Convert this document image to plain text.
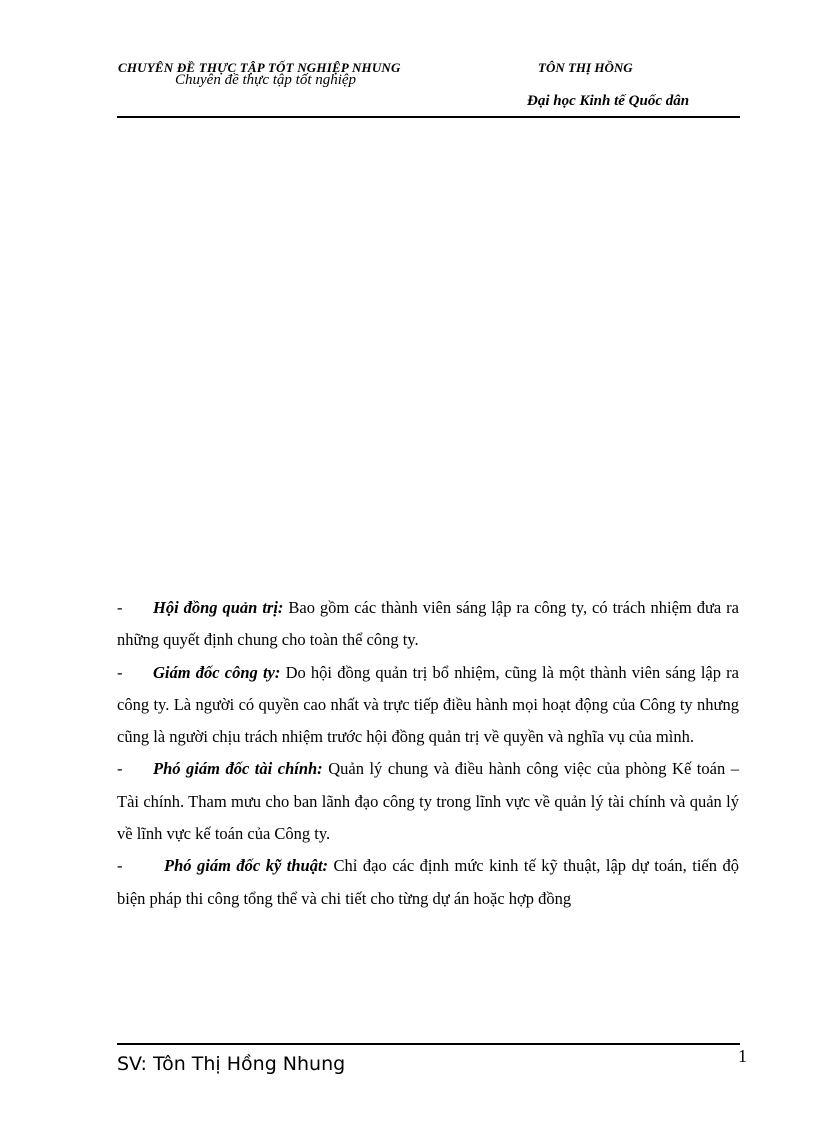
CHUYÊN ĐỀ THỰC TẬP TỐT NGHIỆP NHUNG
Chuyên đề thực tập tốt nghiệp
TÔN THỊ HỒNG
Đại học Kinh tế Quốc dân

- Hội đồng quản trị: Bao gồm các thành viên sáng lập ra công ty, có trách nhiệm đưa ra những quyết định chung cho toàn thể công ty.

- Giám đốc công ty: Do hội đồng quản trị bổ nhiệm, cũng là một thành viên sáng lập ra công ty. Là người có quyền cao nhất và trực tiếp điều hành mọi hoạt động của Công ty nhưng cũng là người chịu trách nhiệm trước hội đồng quản trị về quyền và nghĩa vụ của mình.

- Phó giám đốc tài chính: Quản lý chung và điều hành công việc của phòng Kế toán – Tài chính. Tham mưu cho ban lãnh đạo công ty trong lĩnh vực về quản lý tài chính và quản lý về lĩnh vực kế toán của Công ty.

-	Phó giám đốc kỹ thuật: Chỉ đạo các định mức kinh tế kỹ thuật, lập dự toán, tiến độ biện pháp thi công tổng thể và chi tiết cho từng dự án hoặc hợp đồng

SV: Tôn Thị Hồng Nhung	1
